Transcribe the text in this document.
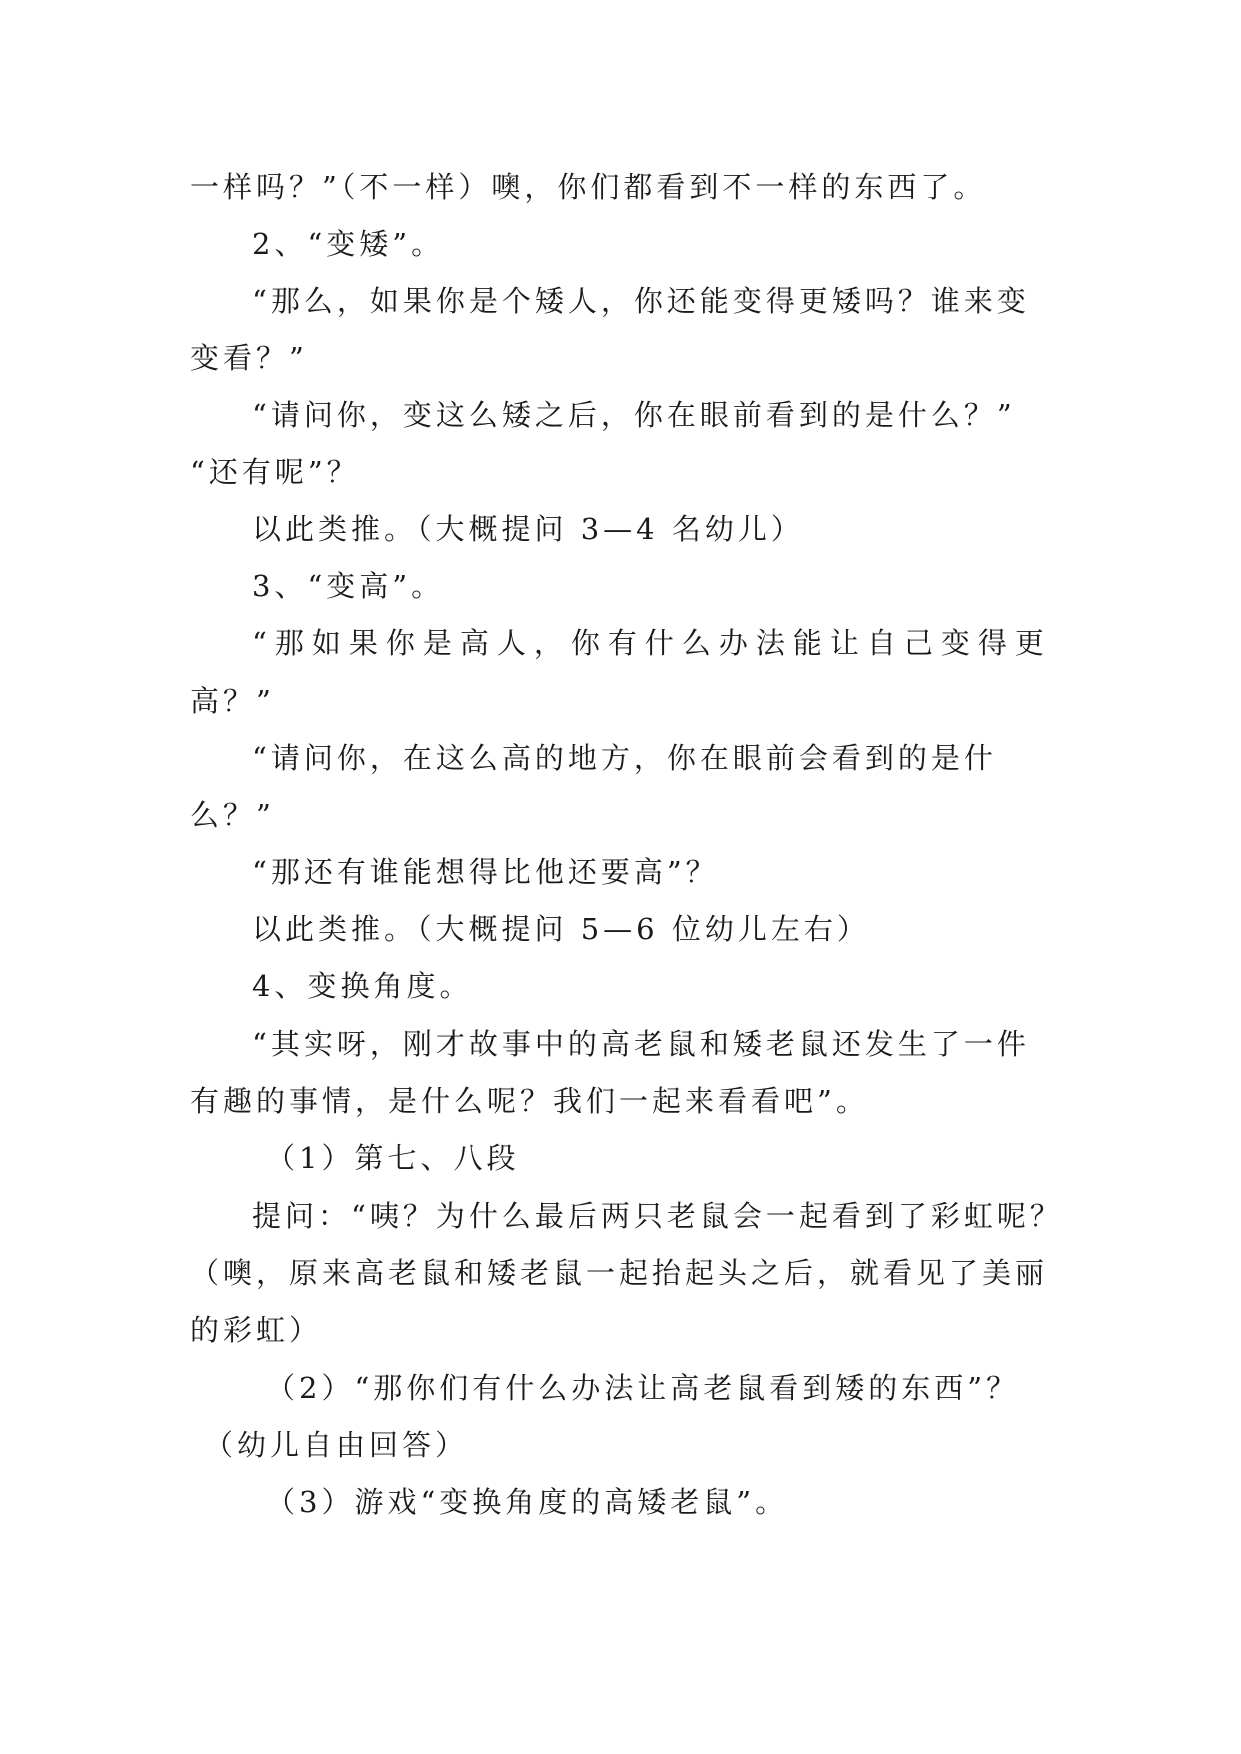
一样吗？”（不一样）噢，你们都看到不一样的东西了。
2、“变矮”。
“那么，如果你是个矮人，你还能变得更矮吗？谁来变
变看？”
“请问你，变这么矮之后，你在眼前看到的是什么？”
“还有呢”？
以此类推。（大概提问 3—4 名幼儿）
3、“变高”。
“那如果你是高人，你有什么办法能让自己变得更
高？”
“请问你，在这么高的地方，你在眼前会看到的是什
么？”
“那还有谁能想得比他还要高”？
以此类推。（大概提问 5—6 位幼儿左右）
4、变换角度。
“其实呀，刚才故事中的高老鼠和矮老鼠还发生了一件
有趣的事情，是什么呢？我们一起来看看吧”。
（1）第七、八段
提问：“咦？为什么最后两只老鼠会一起看到了彩虹呢？
（噢，原来高老鼠和矮老鼠一起抬起头之后，就看见了美丽
的彩虹）
（2）“那你们有什么办法让高老鼠看到矮的东西”？
（幼儿自由回答）
（3）游戏“变换角度的高矮老鼠”。
